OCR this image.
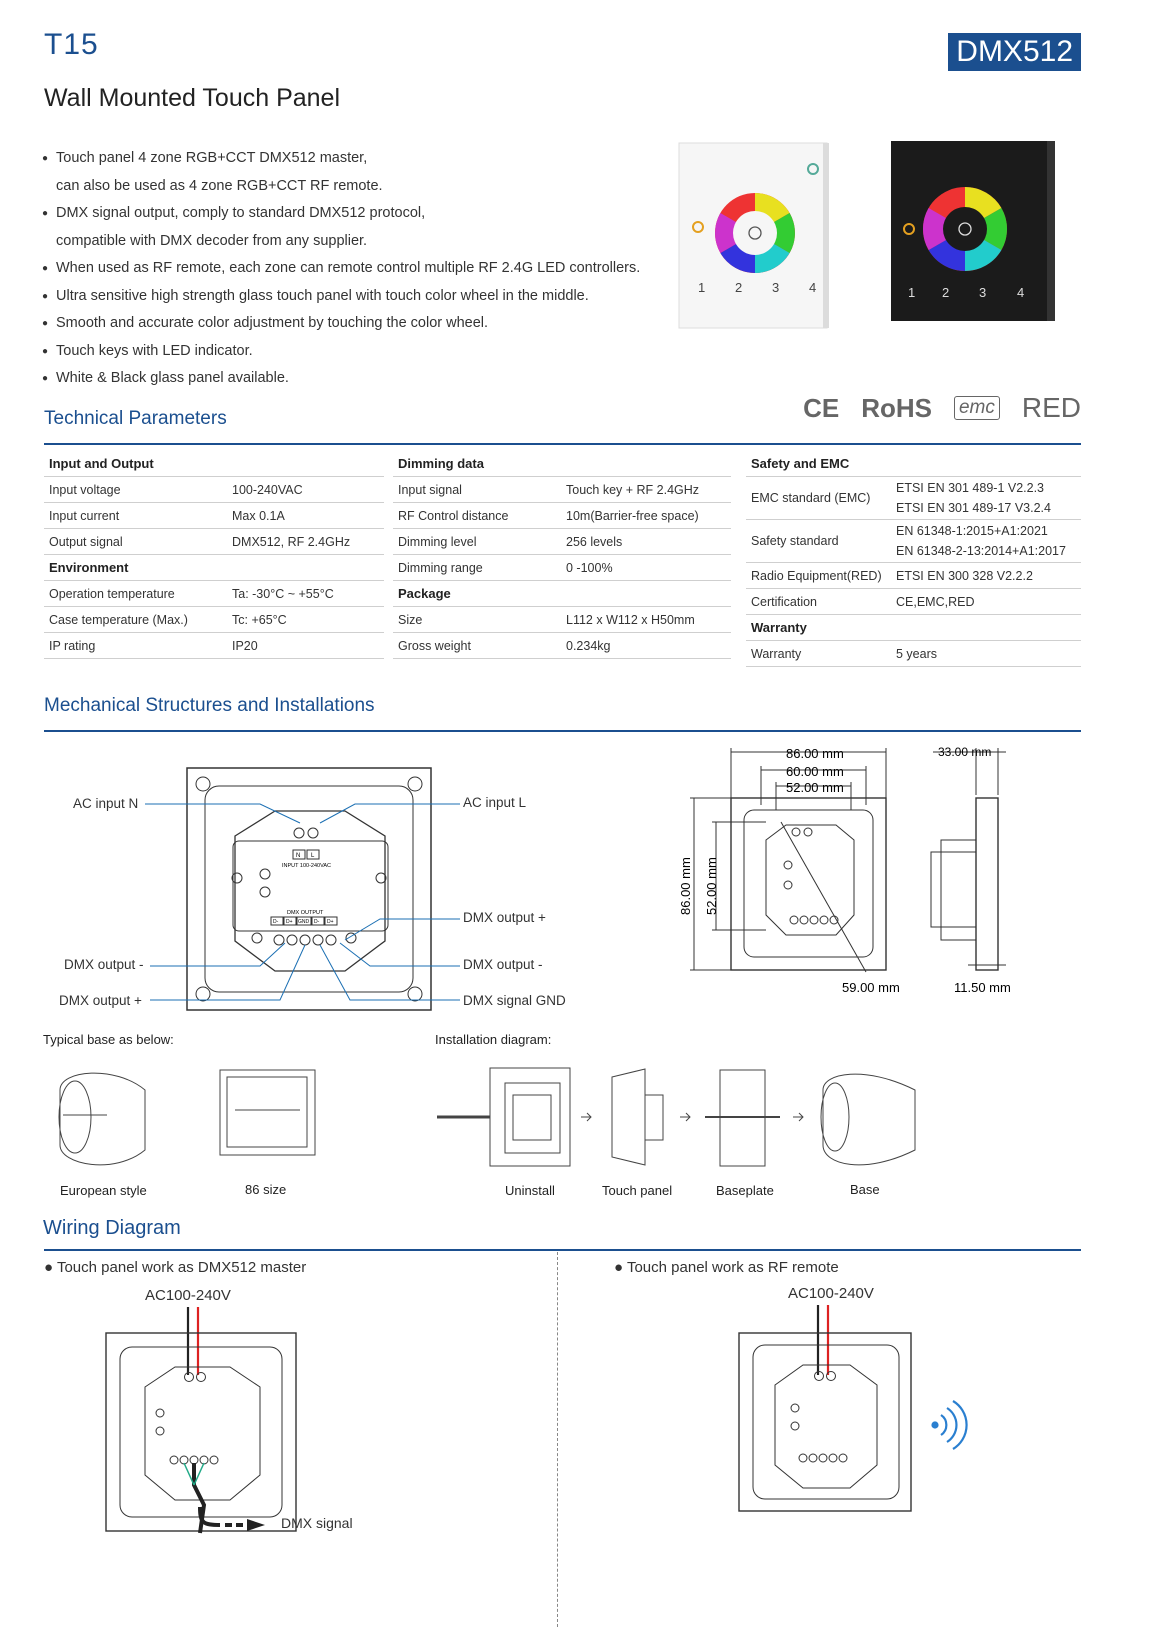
T15	DMX512
Wall Mounted Touch Panel
● Touch panel 4 zone RGB+CCT DMX512 master,
can also be used as 4 zone RGB+CCT RF remote.
● DMX signal output, comply to standard DMX512 protocol,
compatible with DMX decoder from any supplier.
● When used as RF remote, each zone can remote control multiple RF 2.4G LED controllers.
● Ultra sensitive high strength glass touch panel with touch color wheel in the middle.
● Smooth and accurate color adjustment by touching the color wheel.
● Touch keys with LED indicator.
● White & Black glass panel available.
1 2 3 4	1 2 3 4
CE RoHS emc RED
Technical Parameters
Input and Output	
Input voltage	100-240VAC
Input current	Max 0.1A
Output signal	DMX512, RF 2.4GHz
Environment	
Operation temperature	Ta: -30°C ~ +55°C
Case temperature (Max.)	Tc: +65°C
IP rating	IP20
Dimming data	
Input signal	Touch key + RF 2.4GHz
RF Control distance	10m(Barrier-free space)
Dimming level	256 levels
Dimming range	0 -100%
Package	
Size	L112 x W112 x H50mm
Gross weight	0.234kg
Safety and EMC	
EMC standard (EMC)	ETSI EN 301 489-1 V2.2.3
ETSI EN 301 489-17 V3.2.4

Safety standard	EN 61348-1:2015+A1:2021
EN 61348-2-13:2014+A1:2017

Radio Equipment(RED)	ETSI EN 300 328 V2.2.2
Certification	CE,EMC,RED
Warranty	
Warranty	5 years
Mechanical Structures and Installations
N L
INPUT 100-240VAC
DMX OUTPUT
D- D+ GND D- D+
AC input N	AC input L
DMX output +
DMX output -	DMX output -
DMX output +	DMX signal GND
86.00 mm
60.00 mm
52.00 mm
33.00 mm
86.00 mm 52.00 mm
59.00 mm	11.50 mm
Typical base as below:	Installation diagram:
European style	86 size	Uninstall	Touch panel	Baseplate	Base
Wiring Diagram
● Touch panel work as DMX512 master	● Touch panel work as RF remote
AC100-240V	AC100-240V
DMX signal
